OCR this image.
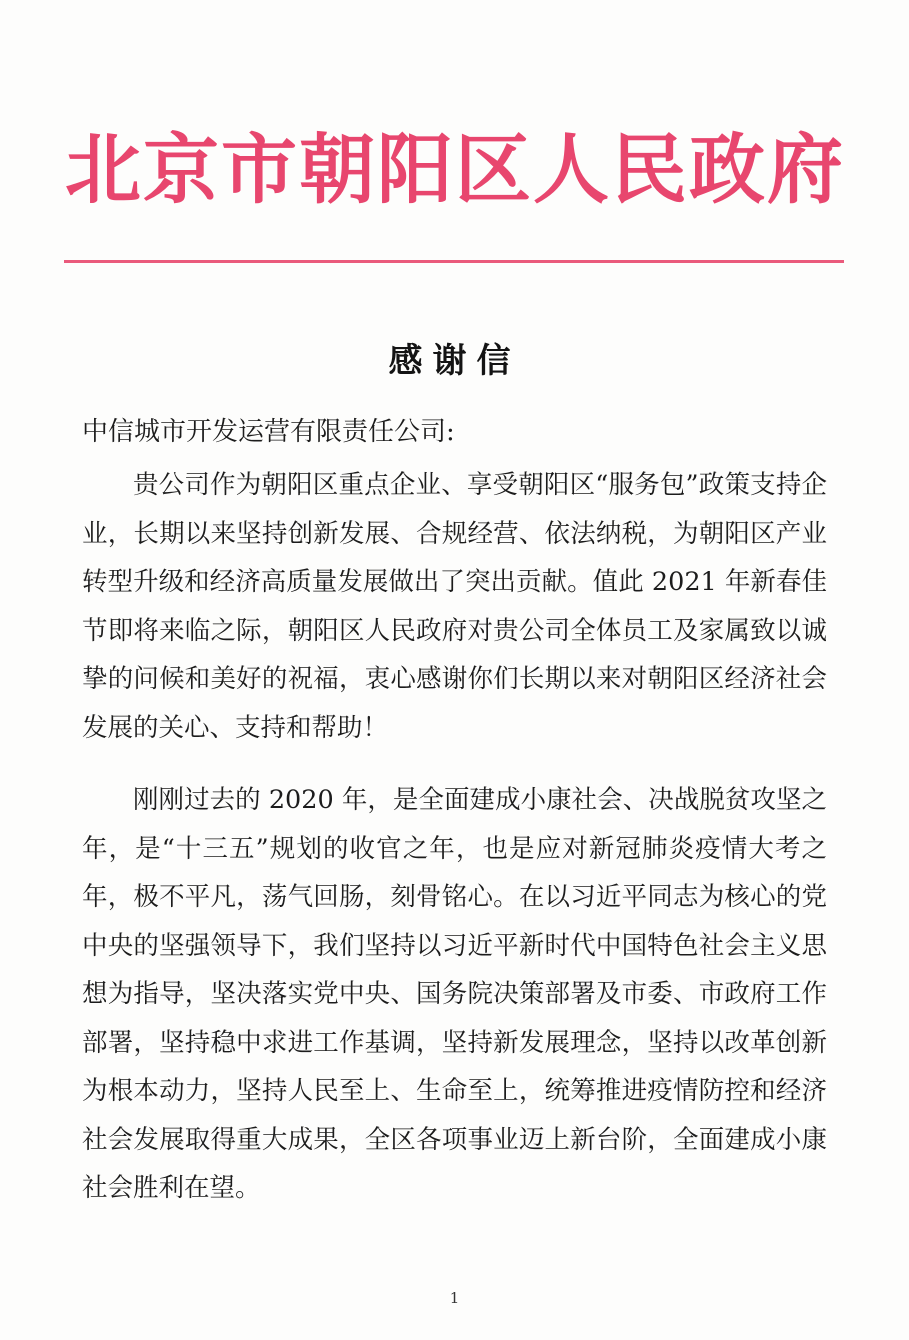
北京市朝阳区人民政府
感谢信
中信城市开发运营有限责任公司:

贵公司作为朝阳区重点企业、享受朝阳区“服务包”政策支持企业，长期以来坚持创新发展、合规经营、依法纳税，为朝阳区产业转型升级和经济高质量发展做出了突出贡献。值此 2021 年新春佳节即将来临之际，朝阳区人民政府对贵公司全体员工及家属致以诚挚的问候和美好的祝福，衷心感谢你们长期以来对朝阳区经济社会发展的关心、支持和帮助！

刚刚过去的 2020 年，是全面建成小康社会、决战脱贫攻坚之年，是“十三五”规划的收官之年，也是应对新冠肺炎疫情大考之年，极不平凡，荡气回肠，刻骨铭心。在以习近平同志为核心的党中央的坚强领导下，我们坚持以习近平新时代中国特色社会主义思想为指导，坚决落实党中央、国务院决策部署及市委、市政府工作部署，坚持稳中求进工作基调，坚持新发展理念，坚持以改革创新为根本动力，坚持人民至上、生命至上，统筹推进疫情防控和经济社会发展取得重大成果，全区各项事业迈上新台阶，全面建成小康社会胜利在望。

1
